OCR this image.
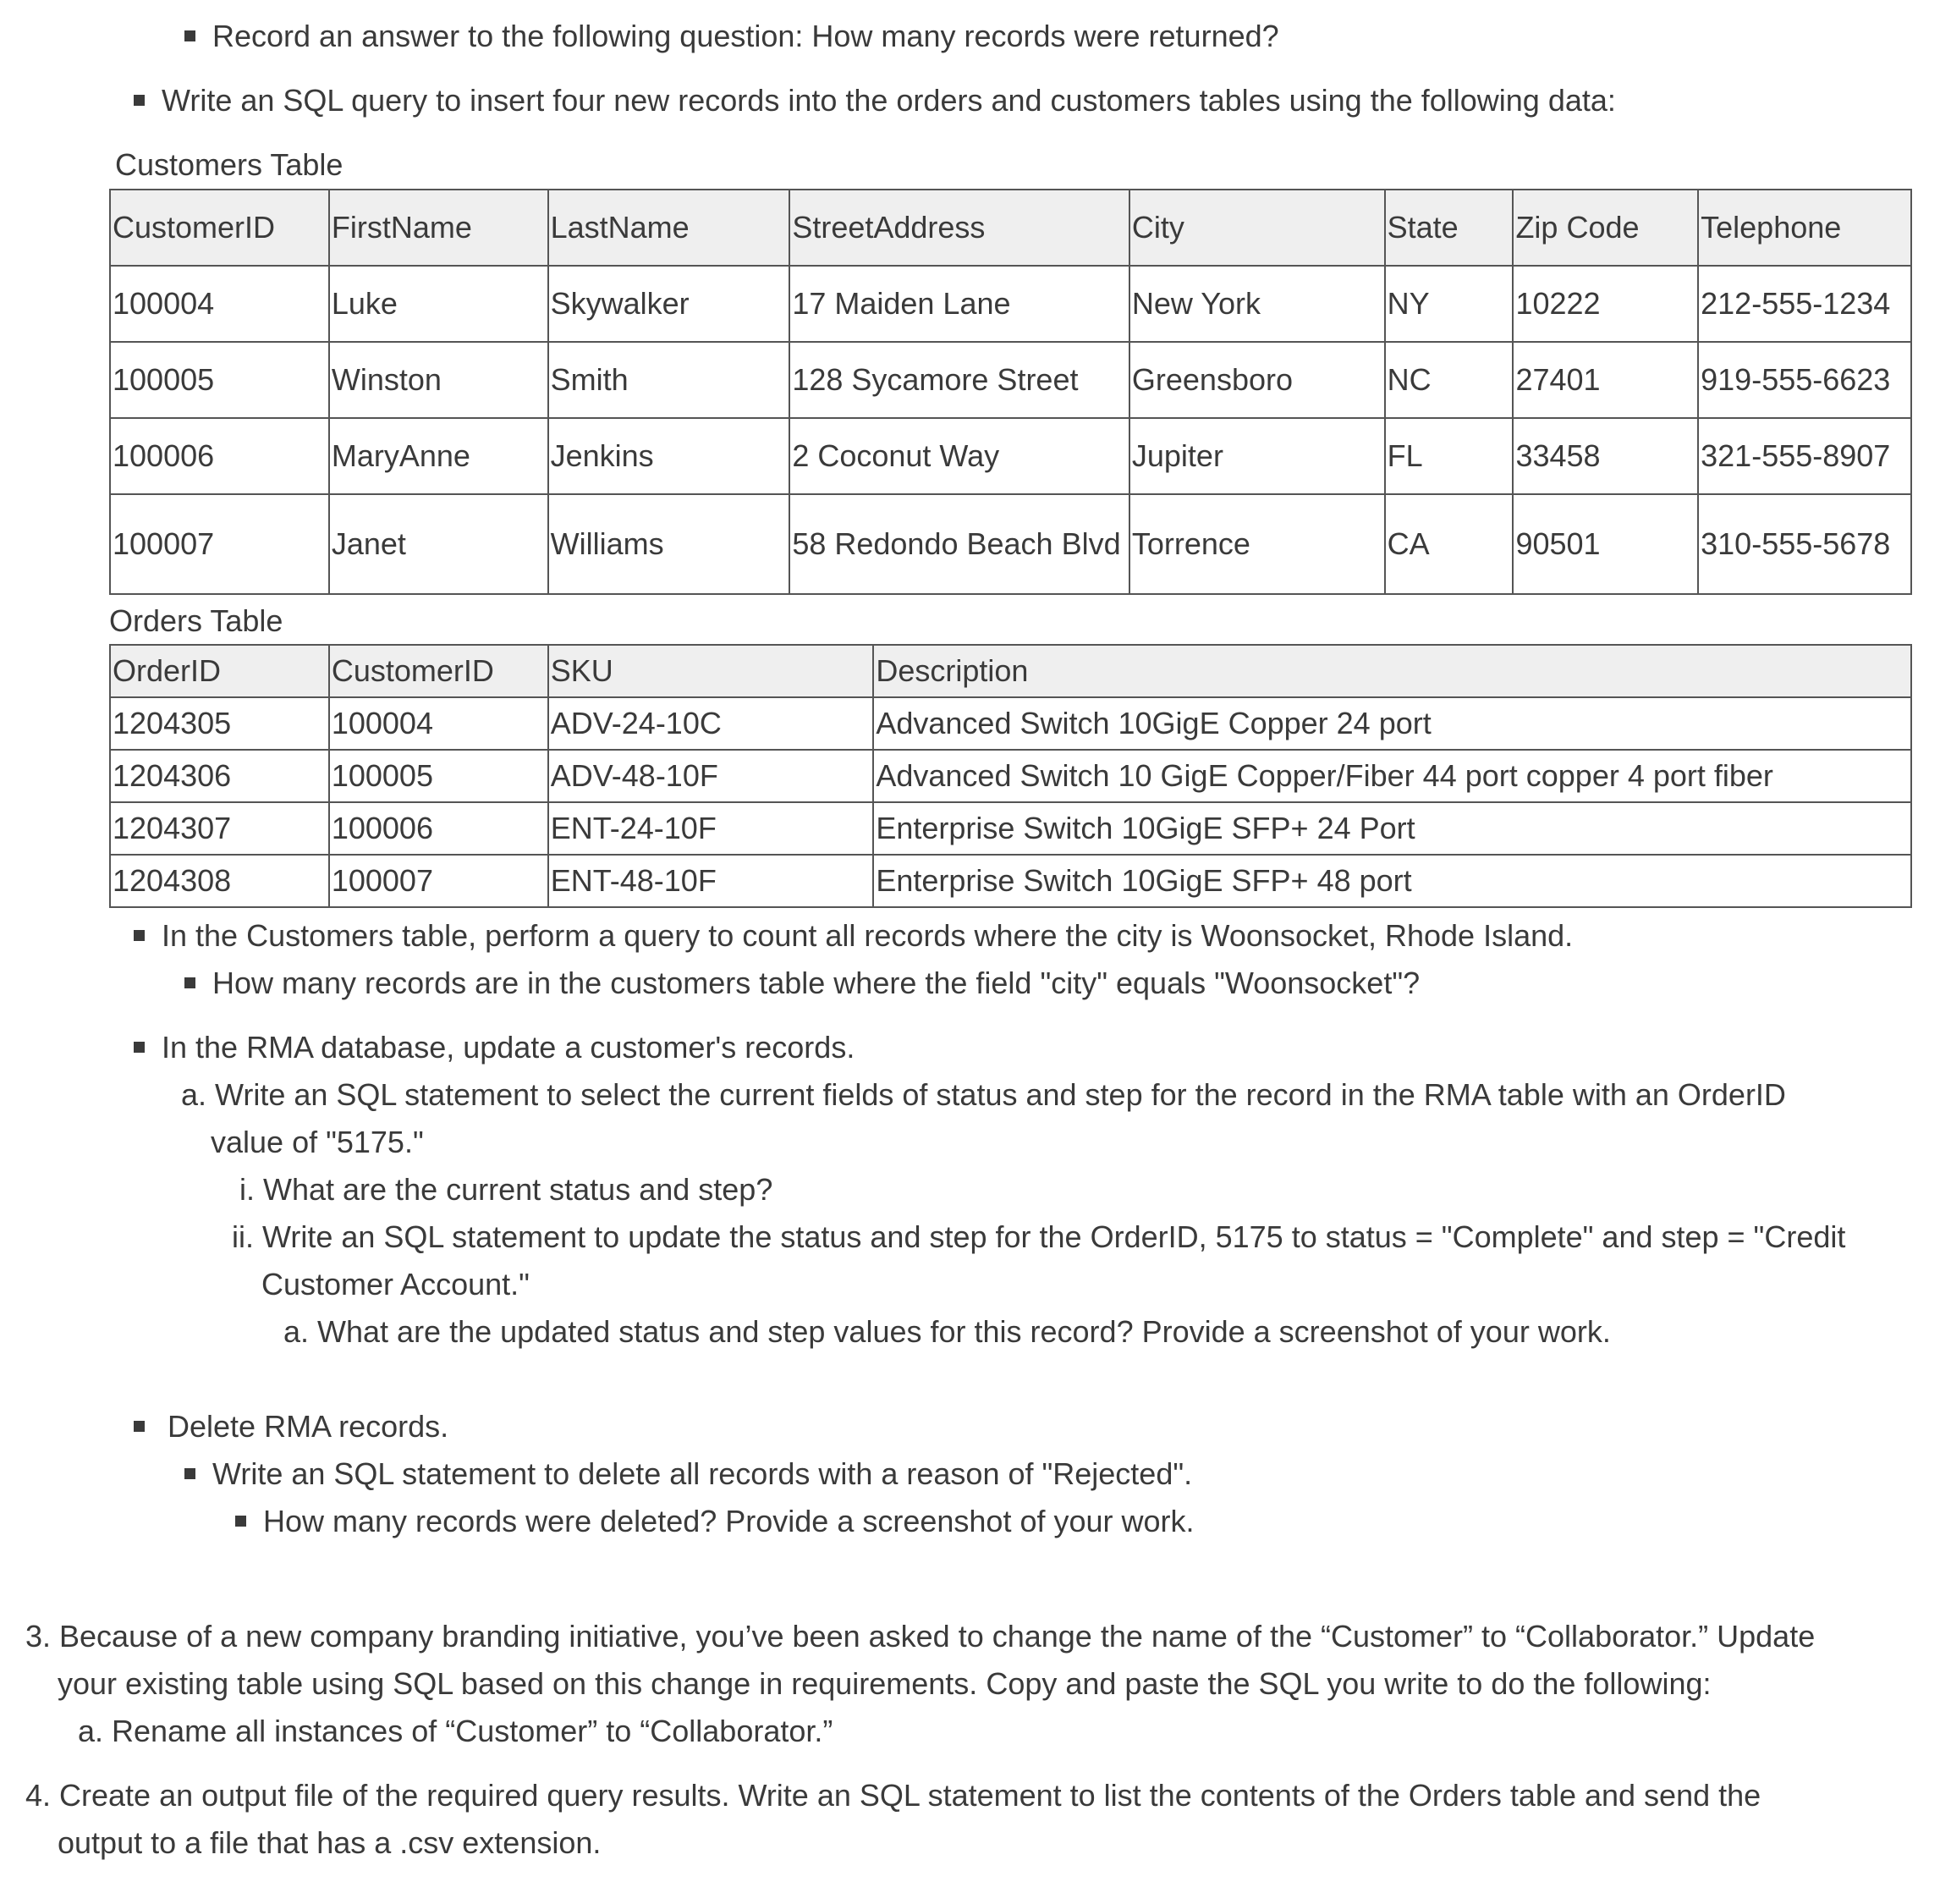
Record an answer to the following question: How many records were returned?
Write an SQL query to insert four new records into the orders and customers tables using the following data:
Customers Table
CustomerID	FirstName	LastName	StreetAddress	City	State	Zip Code	Telephone
100004	Luke	Skywalker	17 Maiden Lane	New York	NY	10222	212-555-1234
100005	Winston	Smith	128 Sycamore Street	Greensboro	NC	27401	919-555-6623
100006	MaryAnne	Jenkins	2 Coconut Way	Jupiter	FL	33458	321-555-8907
100007	Janet	Williams	58 Redondo Beach Blvd	Torrence	CA	90501	310-555-5678
Orders Table
OrderID	CustomerID	SKU	Description
1204305	100004	ADV-24-10C	Advanced Switch 10GigE Copper 24 port
1204306	100005	ADV-48-10F	Advanced Switch 10 GigE Copper/Fiber 44 port copper 4 port fiber
1204307	100006	ENT-24-10F	Enterprise Switch 10GigE SFP+ 24 Port
1204308	100007	ENT-48-10F	Enterprise Switch 10GigE SFP+ 48 port
In the Customers table, perform a query to count all records where the city is Woonsocket, Rhode Island.
How many records are in the customers table where the field "city" equals "Woonsocket"?
In the RMA database, update a customer's records.
a. Write an SQL statement to select the current fields of status and step for the record in the RMA table with an OrderID
value of "5175."
i. What are the current status and step?
ii. Write an SQL statement to update the status and step for the OrderID, 5175 to status = "Complete" and step = "Credit
Customer Account."
a. What are the updated status and step values for this record? Provide a screenshot of your work.
Delete RMA records.
Write an SQL statement to delete all records with a reason of "Rejected".
How many records were deleted? Provide a screenshot of your work.
3. Because of a new company branding initiative, you’ve been asked to change the name of the “Customer” to “Collaborator.” Update
your existing table using SQL based on this change in requirements. Copy and paste the SQL you write to do the following:
a. Rename all instances of “Customer” to “Collaborator.”
4. Create an output file of the required query results. Write an SQL statement to list the contents of the Orders table and send the
output to a file that has a .csv extension.
